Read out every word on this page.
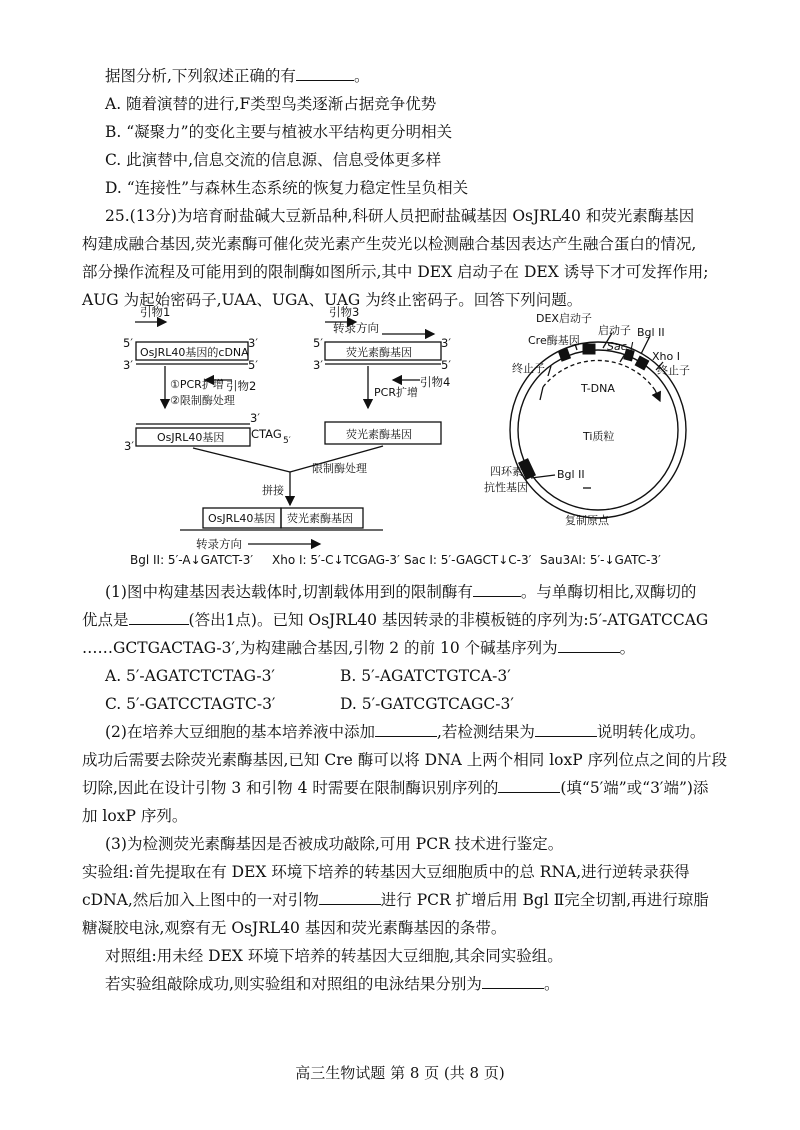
据图分析,下列叙述正确的有	。
A. 随着演替的进行,F类型鸟类逐渐占据竞争优势
B. “凝聚力”的变化主要与植被水平结构更分明相关
C. 此演替中,信息交流的信息源、信息受体更多样
D. “连接性”与森林生态系统的恢复力稳定性呈负相关
25.(13分)为培育耐盐碱大豆新品种,科研人员把耐盐碱基因 OsJRL40 和荧光素酶基因
构建成融合基因,荧光素酶可催化荧光素产生荧光以检测融合基因表达产生融合蛋白的情况,
部分操作流程及可能用到的限制酶如图所示,其中 DEX 启动子在 DEX 诱导下才可发挥作用;
AUG 为起始密码子,UAA、UGA、UAG 为终止密码子。回答下列问题。
引物1
5′	3′
3′	5′
OsJRL40基因的cDNA
引物2
①PCR扩增
②限制酶处理
3′
3′
OsJRL40基因 CTAG 5′
引物3
转录方向
5′	3′
3′	5′
荧光素酶基因
引物4
PCR扩增
荧光素酶基因
限制酶处理
拼接
OsJRL40基因 荧光素酶基因
转录方向
DEX启动子
启动子
Cre酶基因 Sac I
Bgl II
Xho I
终止子
终止子
T-DNA
Ti质粒
Bgl II
四环素
抗性基因
复制原点
Bgl II: 5′-A↓GATCT-3′ Xho I: 5′-C↓TCGAG-3′ Sac I: 5′-GAGCT↓C-3′ Sau3AI: 5′-↓GATC-3′
(1)图中构建基因表达载体时,切割载体用到的限制酶有	。与单酶切相比,双酶切的
优点是	(答出1点)。已知 OsJRL40 基因转录的非模板链的序列为:5′-ATGATCCAG
……GCTGACTAG-3′,为构建融合基因,引物 2 的前 10 个碱基序列为	。
A. 5′-AGATCTCTAG-3′	B. 5′-AGATCTGTCA-3′
C. 5′-GATCCTAGTC-3′	D. 5′-GATCGTCAGC-3′
(2)在培养大豆细胞的基本培养液中添加	,若检测结果为	说明转化成功。
成功后需要去除荧光素酶基因,已知 Cre 酶可以将 DNA 上两个相同 loxP 序列位点之间的片段
切除,因此在设计引物 3 和引物 4 时需要在限制酶识别序列的	(填“5′端”或“3′端”)添
加 loxP 序列。
(3)为检测荧光素酶基因是否被成功敲除,可用 PCR 技术进行鉴定。
实验组:首先提取在有 DEX 环境下培养的转基因大豆细胞质中的总 RNA,进行逆转录获得
cDNA,然后加入上图中的一对引物	进行 PCR 扩增后用 Bgl Ⅱ完全切割,再进行琼脂
糖凝胶电泳,观察有无 OsJRL40 基因和荧光素酶基因的条带。
对照组:用未经 DEX 环境下培养的转基因大豆细胞,其余同实验组。
若实验组敲除成功,则实验组和对照组的电泳结果分别为	。
高三生物试题 第 8 页 (共 8 页)
